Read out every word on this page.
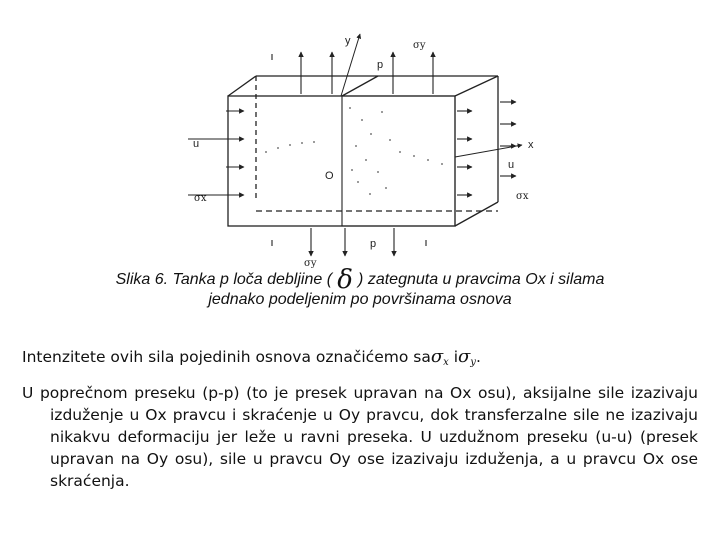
y	σy
p
x
u
u
O
σx	σx
p
σy
Slika 6. Tanka p loča debljine ( δ ) zategnuta u pravcima Ox i silama
jednako podeljenim po površinama osnova

Intenzitete ovih sila pojedinih osnova označićemo saσ$_x$ $i\sigma_y$.

U poprečnom preseku (p-p) (to je presek upravan na Ox osu), aksijalne sile izazivaju izduženje u Ox pravcu i skraćenje u Oy pravcu, dok transferzalne sile ne izazivaju nikakvu deformaciju jer leže u ravni preseka. U uzdužnom preseku (u-u) (presek upravan na Oy osu), sile u pravcu Oy ose izazivaju izduženja, a u pravcu Ox ose skraćenja.
